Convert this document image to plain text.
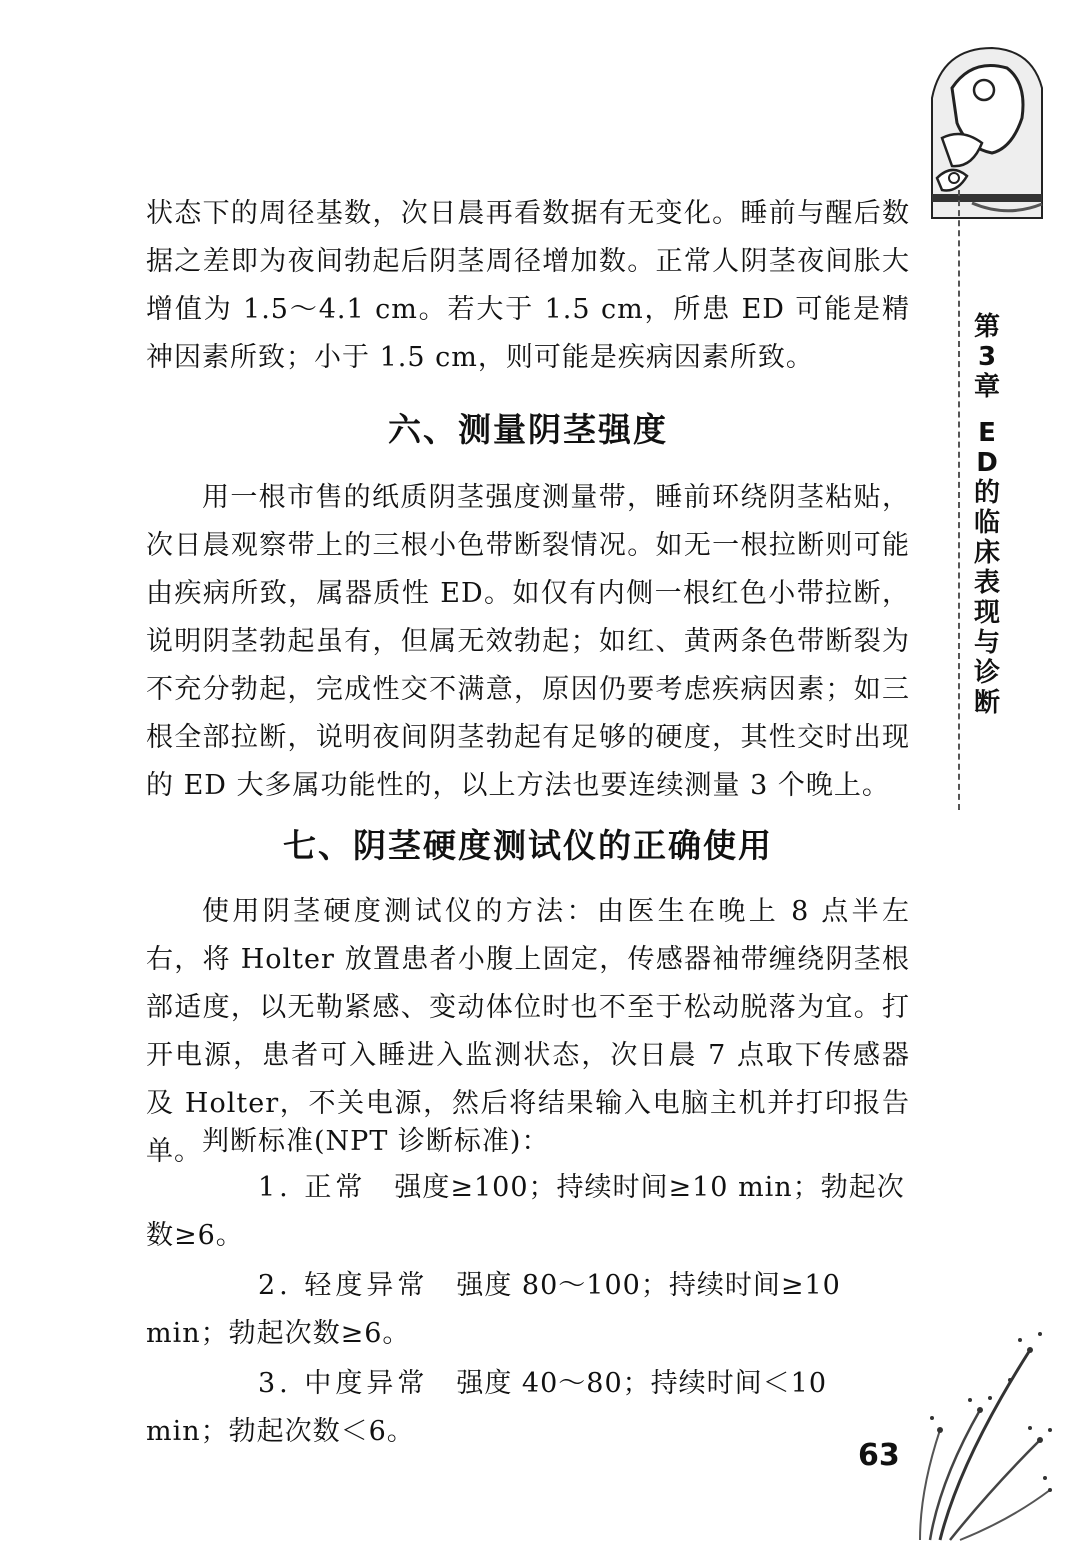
状态下的周径基数，次日晨再看数据有无变化。睡前与醒后数据之差即为夜间勃起后阴茎周径增加数。正常人阴茎夜间胀大增值为 1.5～4.1 cm。若大于 1.5 cm，所患 ED 可能是精神因素所致；小于 1.5 cm，则可能是疾病因素所致。

六、测量阴茎强度

用一根市售的纸质阴茎强度测量带，睡前环绕阴茎粘贴，次日晨观察带上的三根小色带断裂情况。如无一根拉断则可能由疾病所致，属器质性 ED。如仅有内侧一根红色小带拉断，说明阴茎勃起虽有，但属无效勃起；如红、黄两条色带断裂为不充分勃起，完成性交不满意，原因仍要考虑疾病因素；如三根全部拉断，说明夜间阴茎勃起有足够的硬度，其性交时出现的 ED 大多属功能性的，以上方法也要连续测量 3 个晚上。

七、阴茎硬度测试仪的正确使用

使用阴茎硬度测试仪的方法：由医生在晚上 8 点半左右，将 Holter 放置患者小腹上固定，传感器袖带缠绕阴茎根部适度，以无勒紧感、变动体位时也不至于松动脱落为宜。打开电源，患者可入睡进入监测状态，次日晨 7 点取下传感器及 Holter，不关电源，然后将结果输入电脑主机并打印报告单。 判断标准(NPT 诊断标准)：

1. 正常 强度≥100；持续时间≥10 min；勃起次数≥6。

2. 轻度异常 强度 80～100；持续时间≥10 min；勃起次数≥6。

3. 中度异常 强度 40～80；持续时间＜10 min；勃起次数＜6。

第3章
ED的临床表现与诊断
63
